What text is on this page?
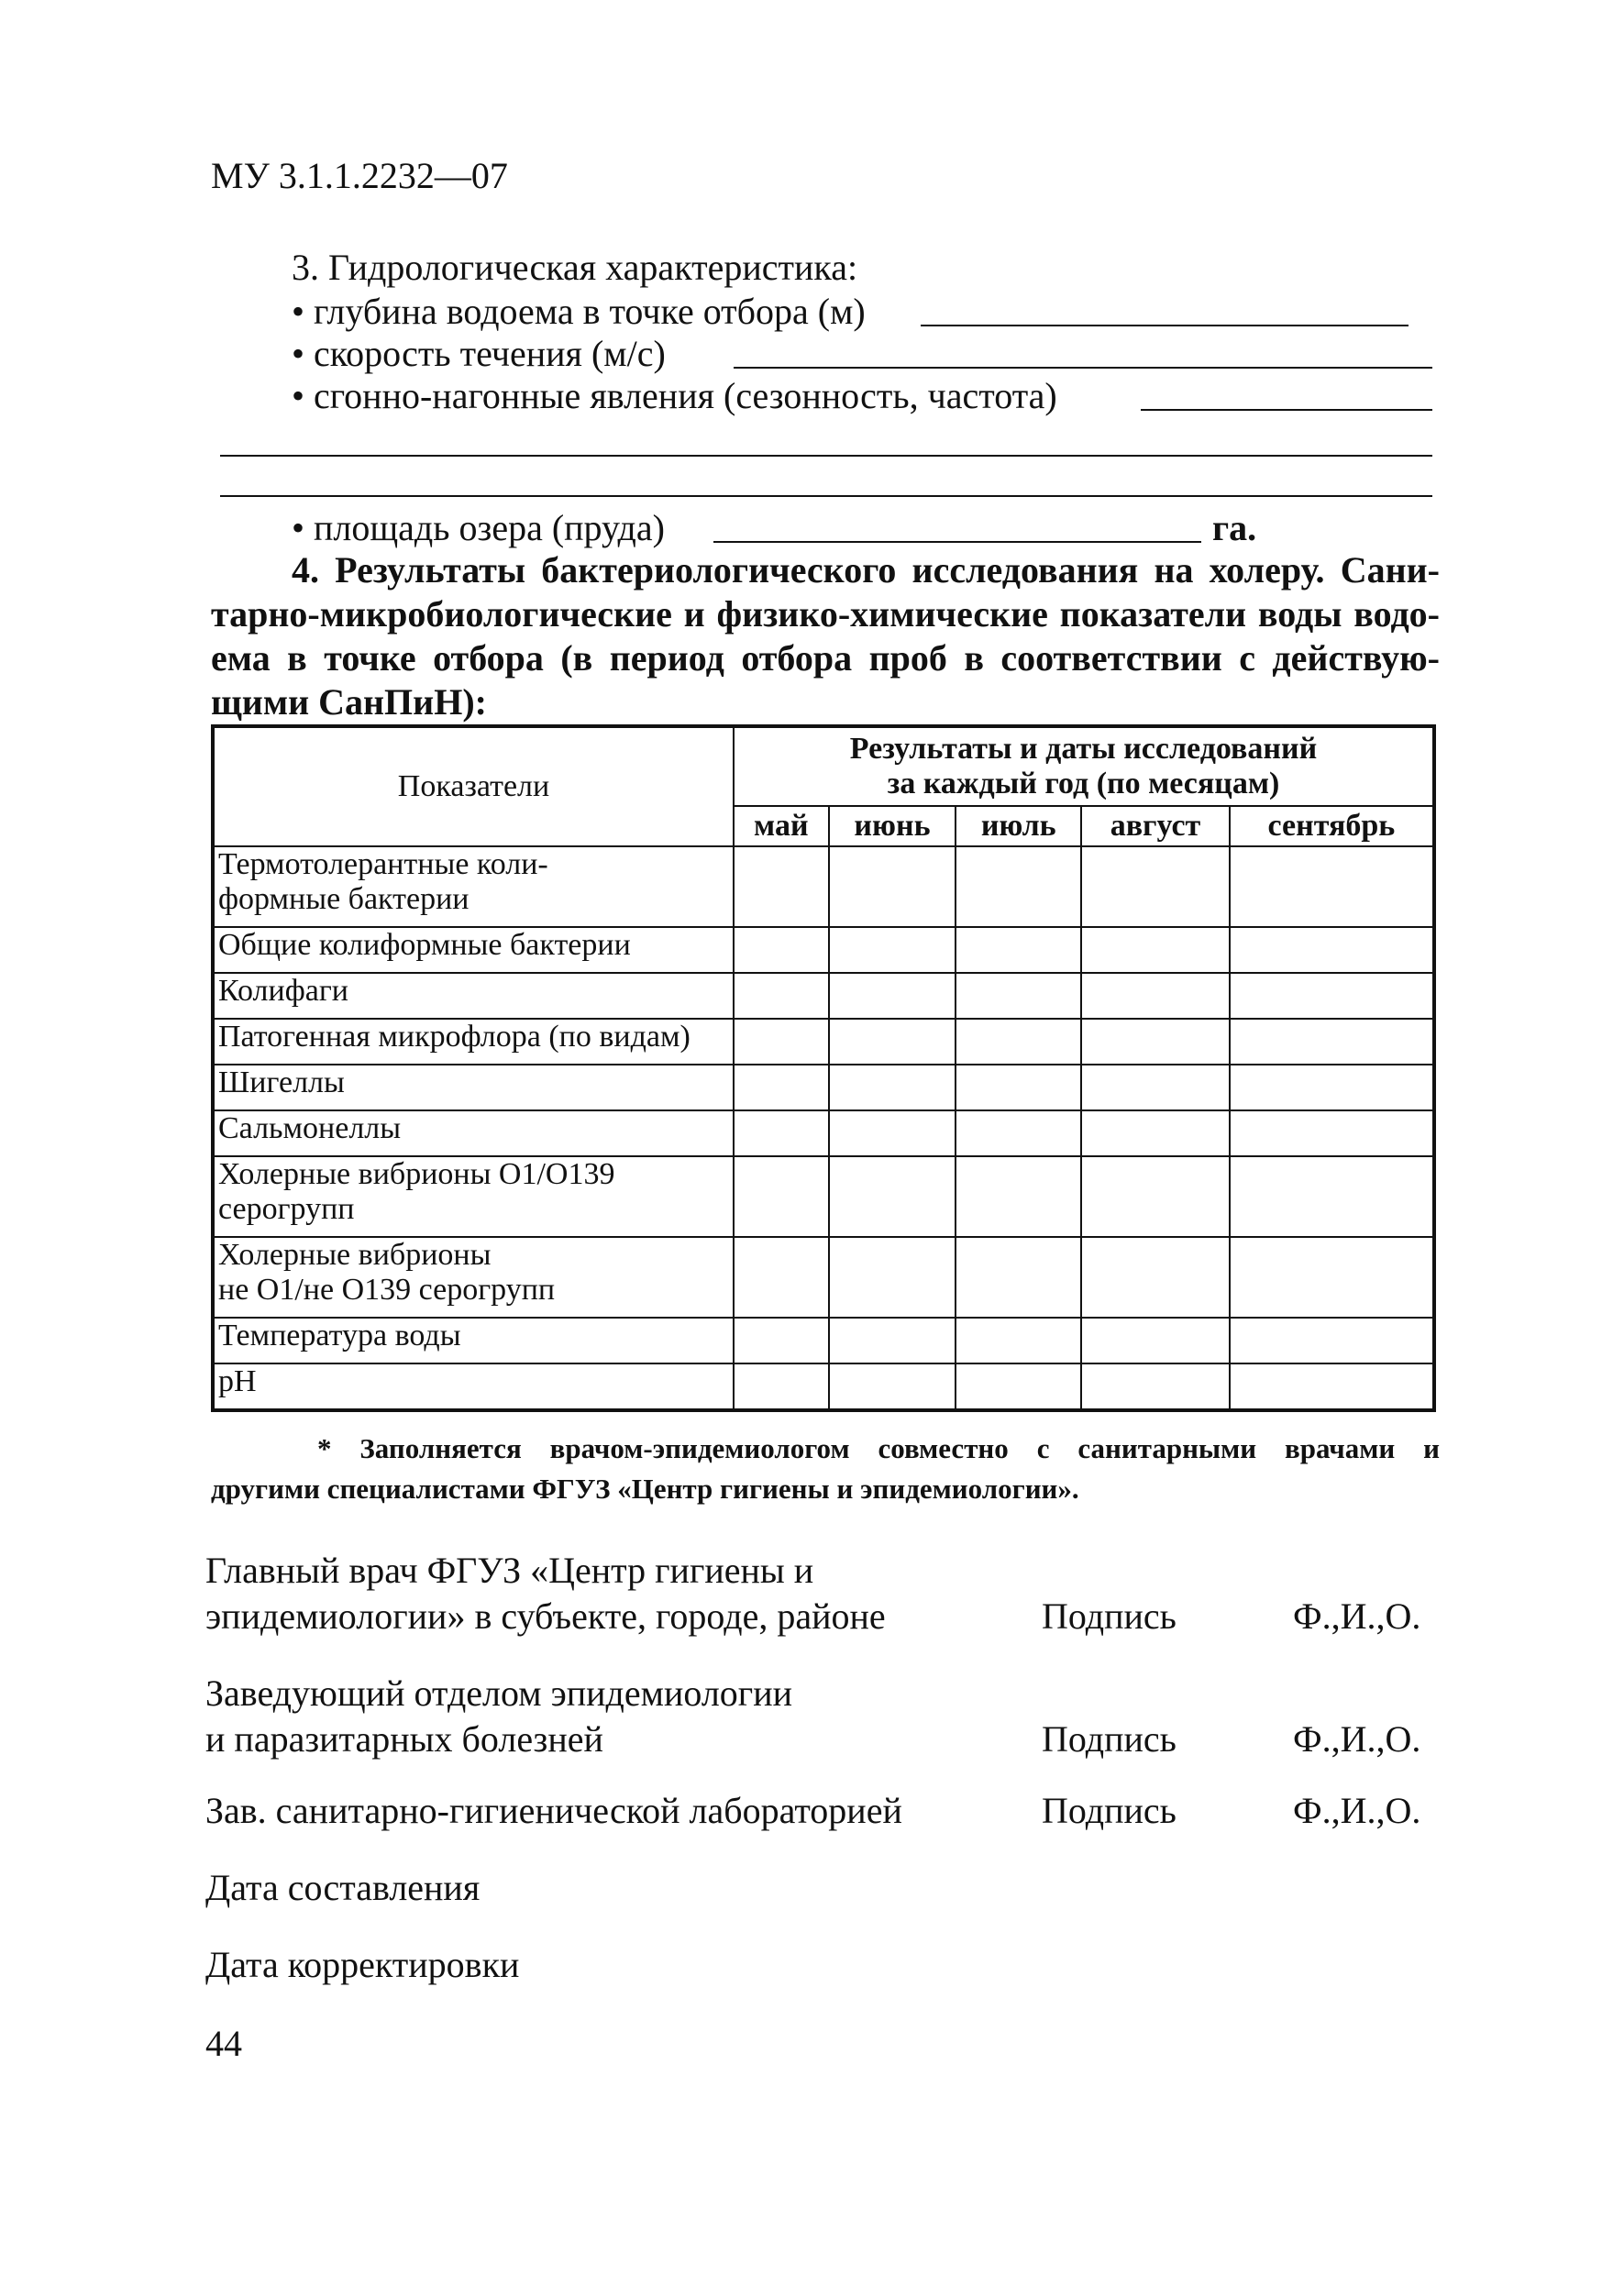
МУ 3.1.1.2232—07
3. Гидрологическая характеристика:
• глубина водоема в точке отбора (м)
• скорость течения (м/с)
• сгонно-нагонные явления (сезонность, частота)
• площадь озера (пруда)	га.
4. Результаты бактериологического исследования на холеру. Сани-
тарно-микробиологические и физико-химические показатели воды водо-
ема в точке отбора (в период отбора проб в соответствии с действую-
щими СанПиН):
Показатели	Результаты и даты исследований
за каждый год (по месяцам)				

	май	июнь	июль	август	сентябрь

Термотолерантные коли-
формные бактерии					

Общие колиформные бактерии					

Колифаги					

Патогенная микрофлора (по видам)					

Шигеллы					

Сальмонеллы					

Холерные вибрионы О1/О139
серогрупп					

Холерные вибрионы
не О1/не О139 серогрупп					

Температура воды					

pH					

* Заполняется врачом-эпидемиологом совместно с санитарными врачами и
другими специалистами ФГУЗ «Центр гигиены и эпидемиологии».
Главный врач ФГУЗ «Центр гигиены и
эпидемиологии» в субъекте, городе, районе	Подпись	Ф.,И.,О.
Заведующий отделом эпидемиологии
и паразитарных болезней	Подпись	Ф.,И.,О.
Зав. санитарно-гигиенической лабораторией	Подпись	Ф.,И.,О.
Дата составления
Дата корректировки
44
